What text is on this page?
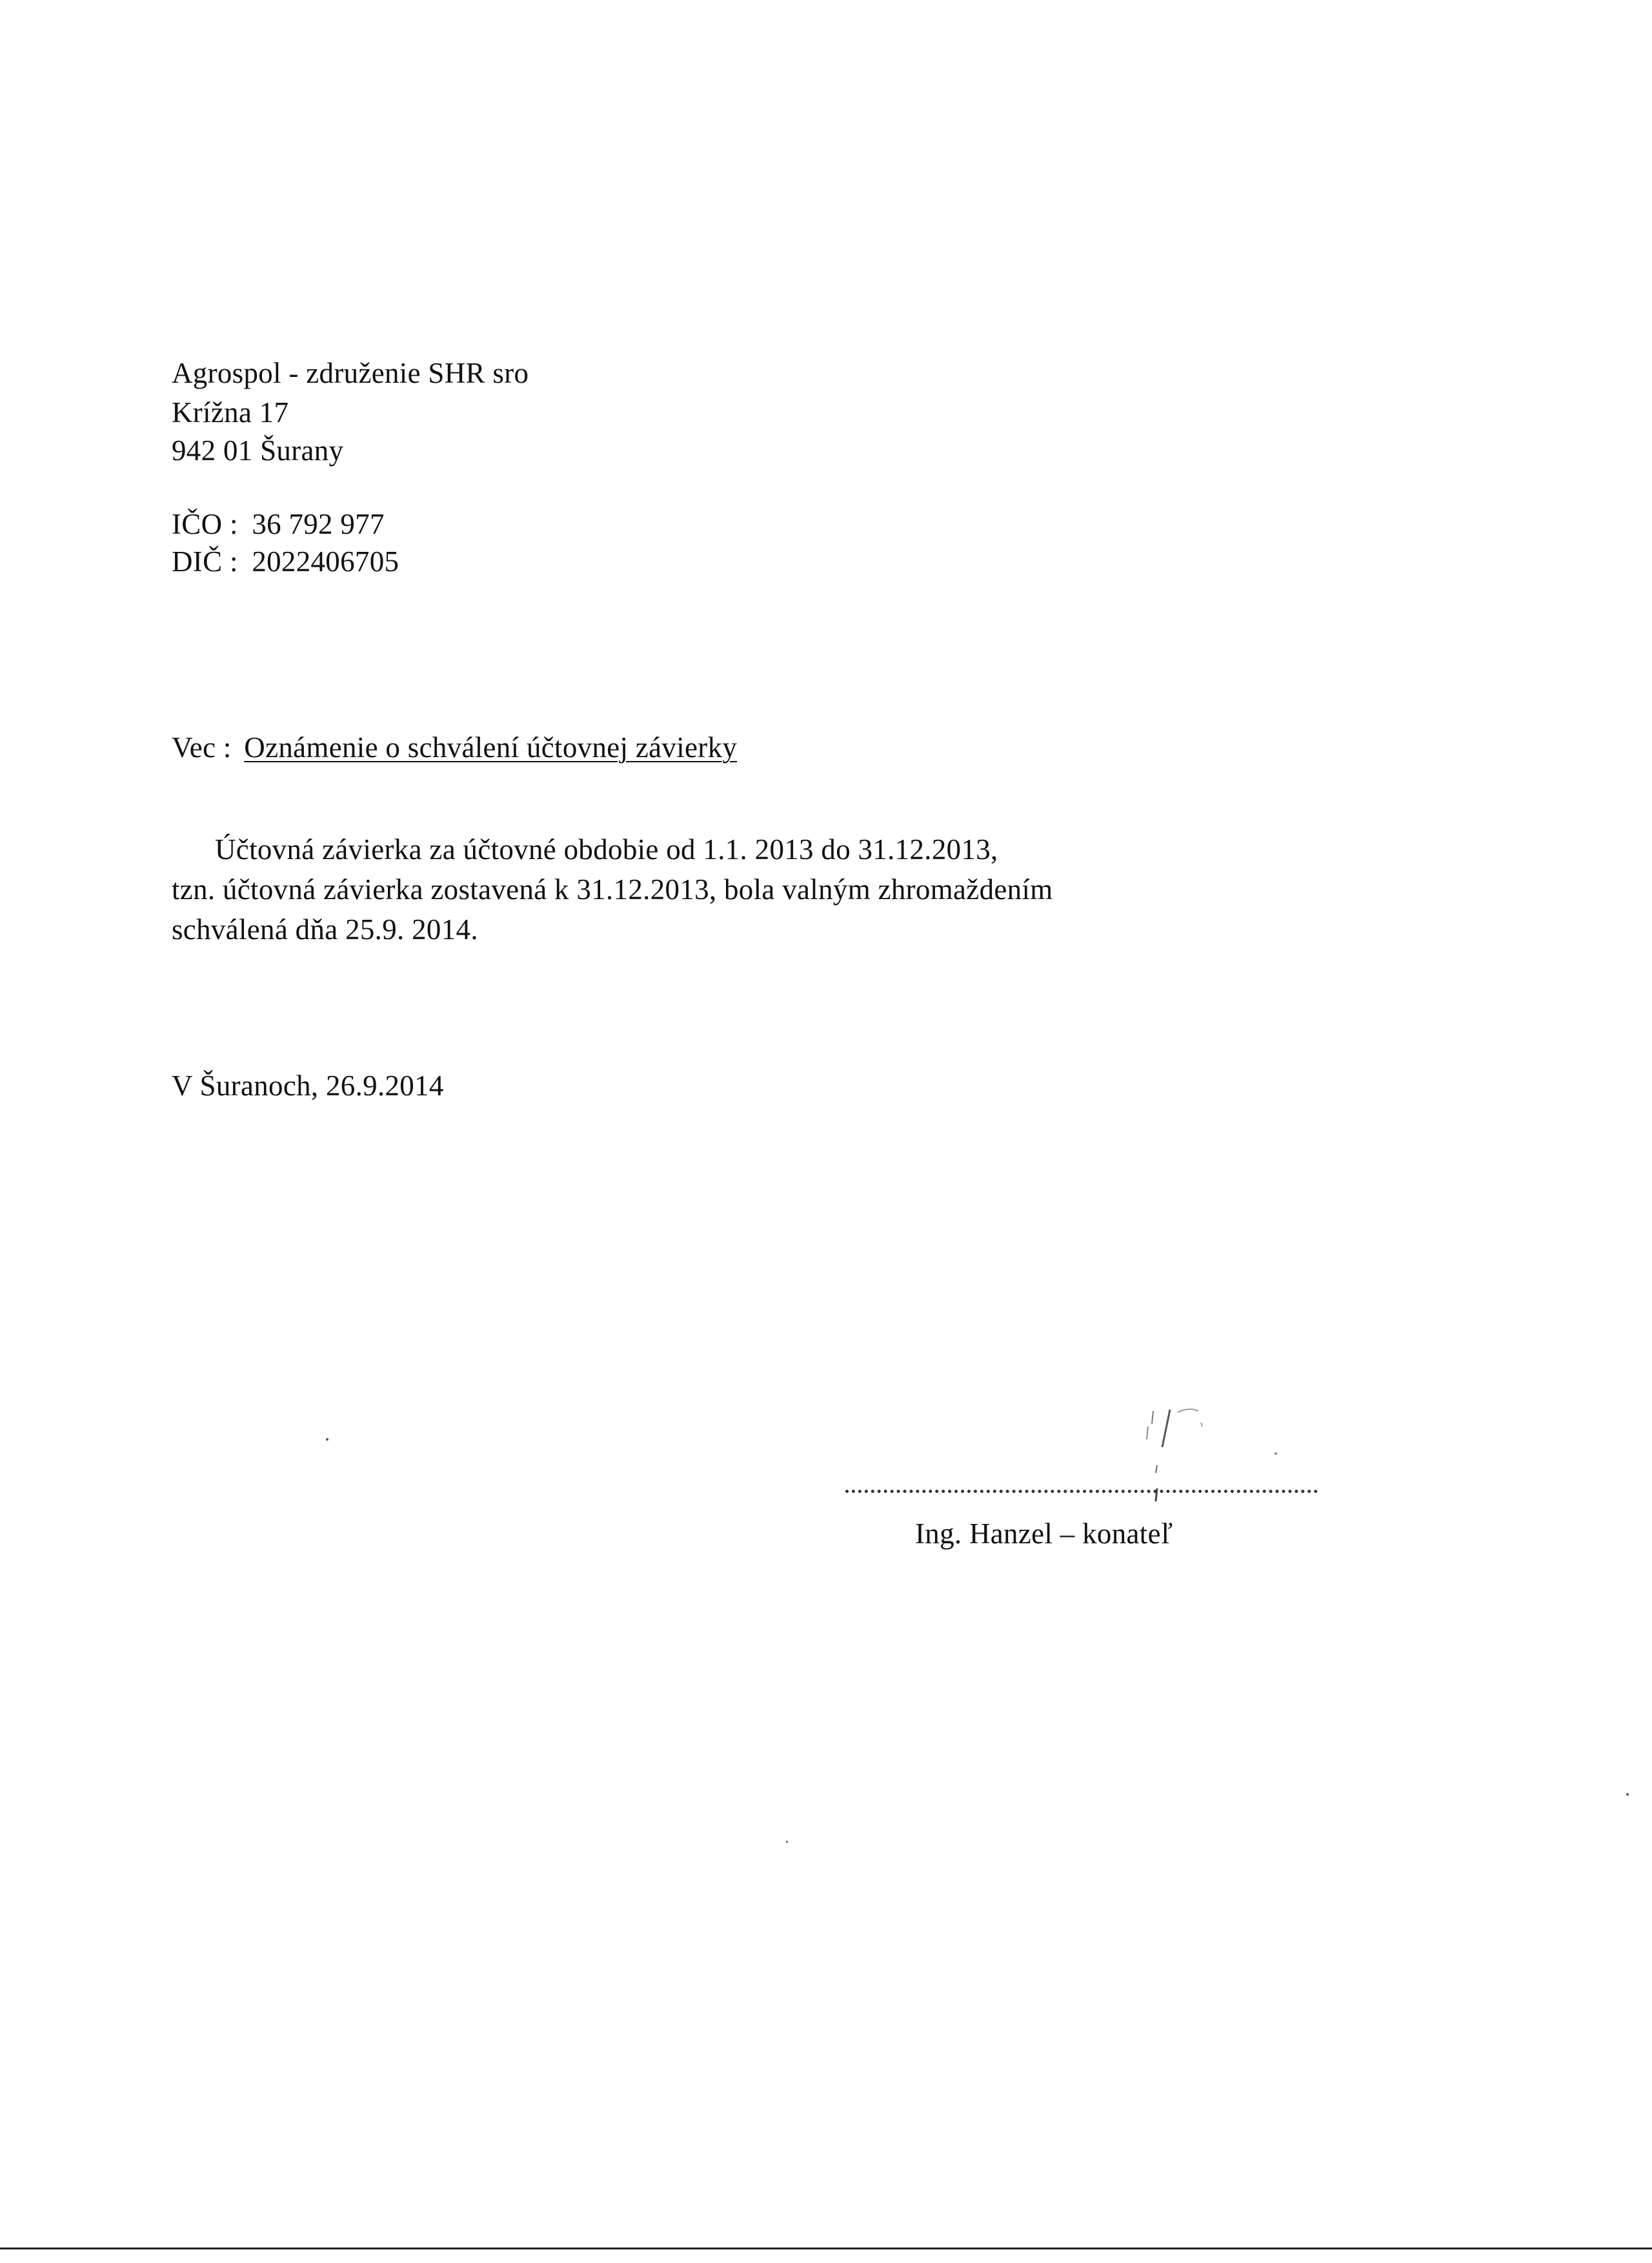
Agrospol - združenie SHR sro
Krížna 17
942 01 Šurany
IČO : 36 792 977
DIČ : 2022406705
Vec : Oznámenie o schválení účtovnej závierky
Účtovná závierka za účtovné obdobie od 1.1. 2013 do 31.12.2013,
tzn. účtovná závierka zostavená k 31.12.2013, bola valným zhromaždením
schválená dňa 25.9. 2014.
V Šuranoch, 26.9.2014
Ing. Hanzel – konateľ
